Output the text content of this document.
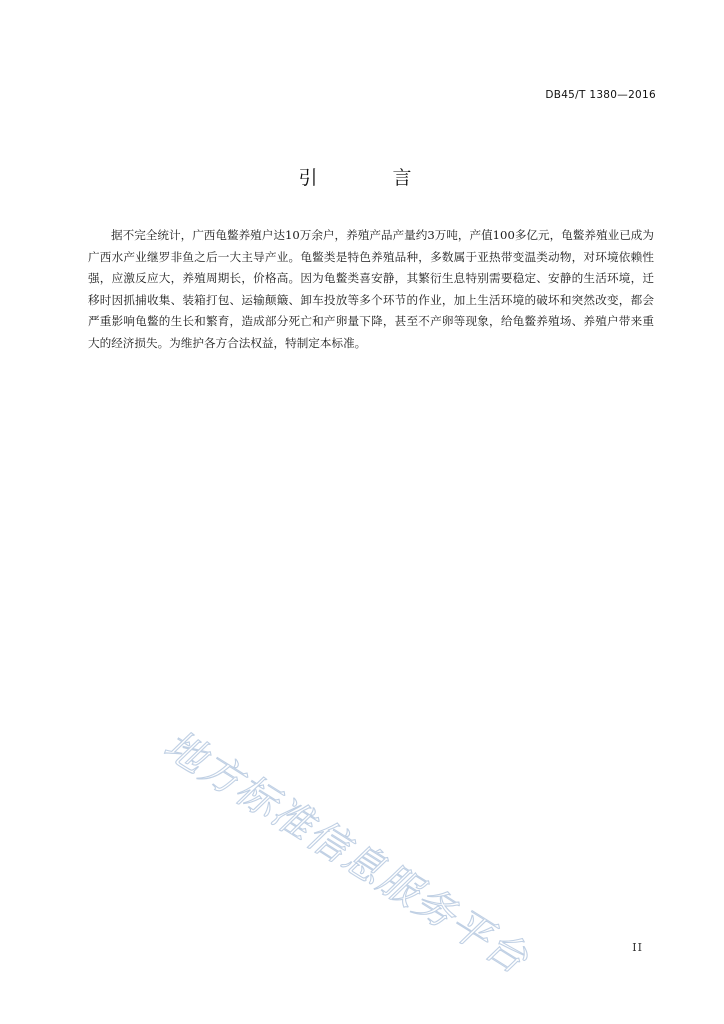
DB45/T 1380—2016
引　言

据不完全统计，广西龟鳖养殖户达10万余户，养殖产品产量约3万吨，产值100多亿元，龟鳖养殖业已成为广西水产业继罗非鱼之后一大主导产业。龟鳖类是特色养殖品种，多数属于亚热带变温类动物，对环境依赖性强，应激反应大，养殖周期长，价格高。因为龟鳖类喜安静，其繁衍生息特别需要稳定、安静的生活环境，迁移时因抓捕收集、装箱打包、运输颠簸、卸车投放等多个环节的作业，加上生活环境的破坏和突然改变，都会严重影响龟鳖的生长和繁育，造成部分死亡和产卵量下降，甚至不产卵等现象，给龟鳖养殖场、养殖户带来重大的经济损失。为维护各方合法权益，特制定本标准。

地方标准信息服务平台	II
